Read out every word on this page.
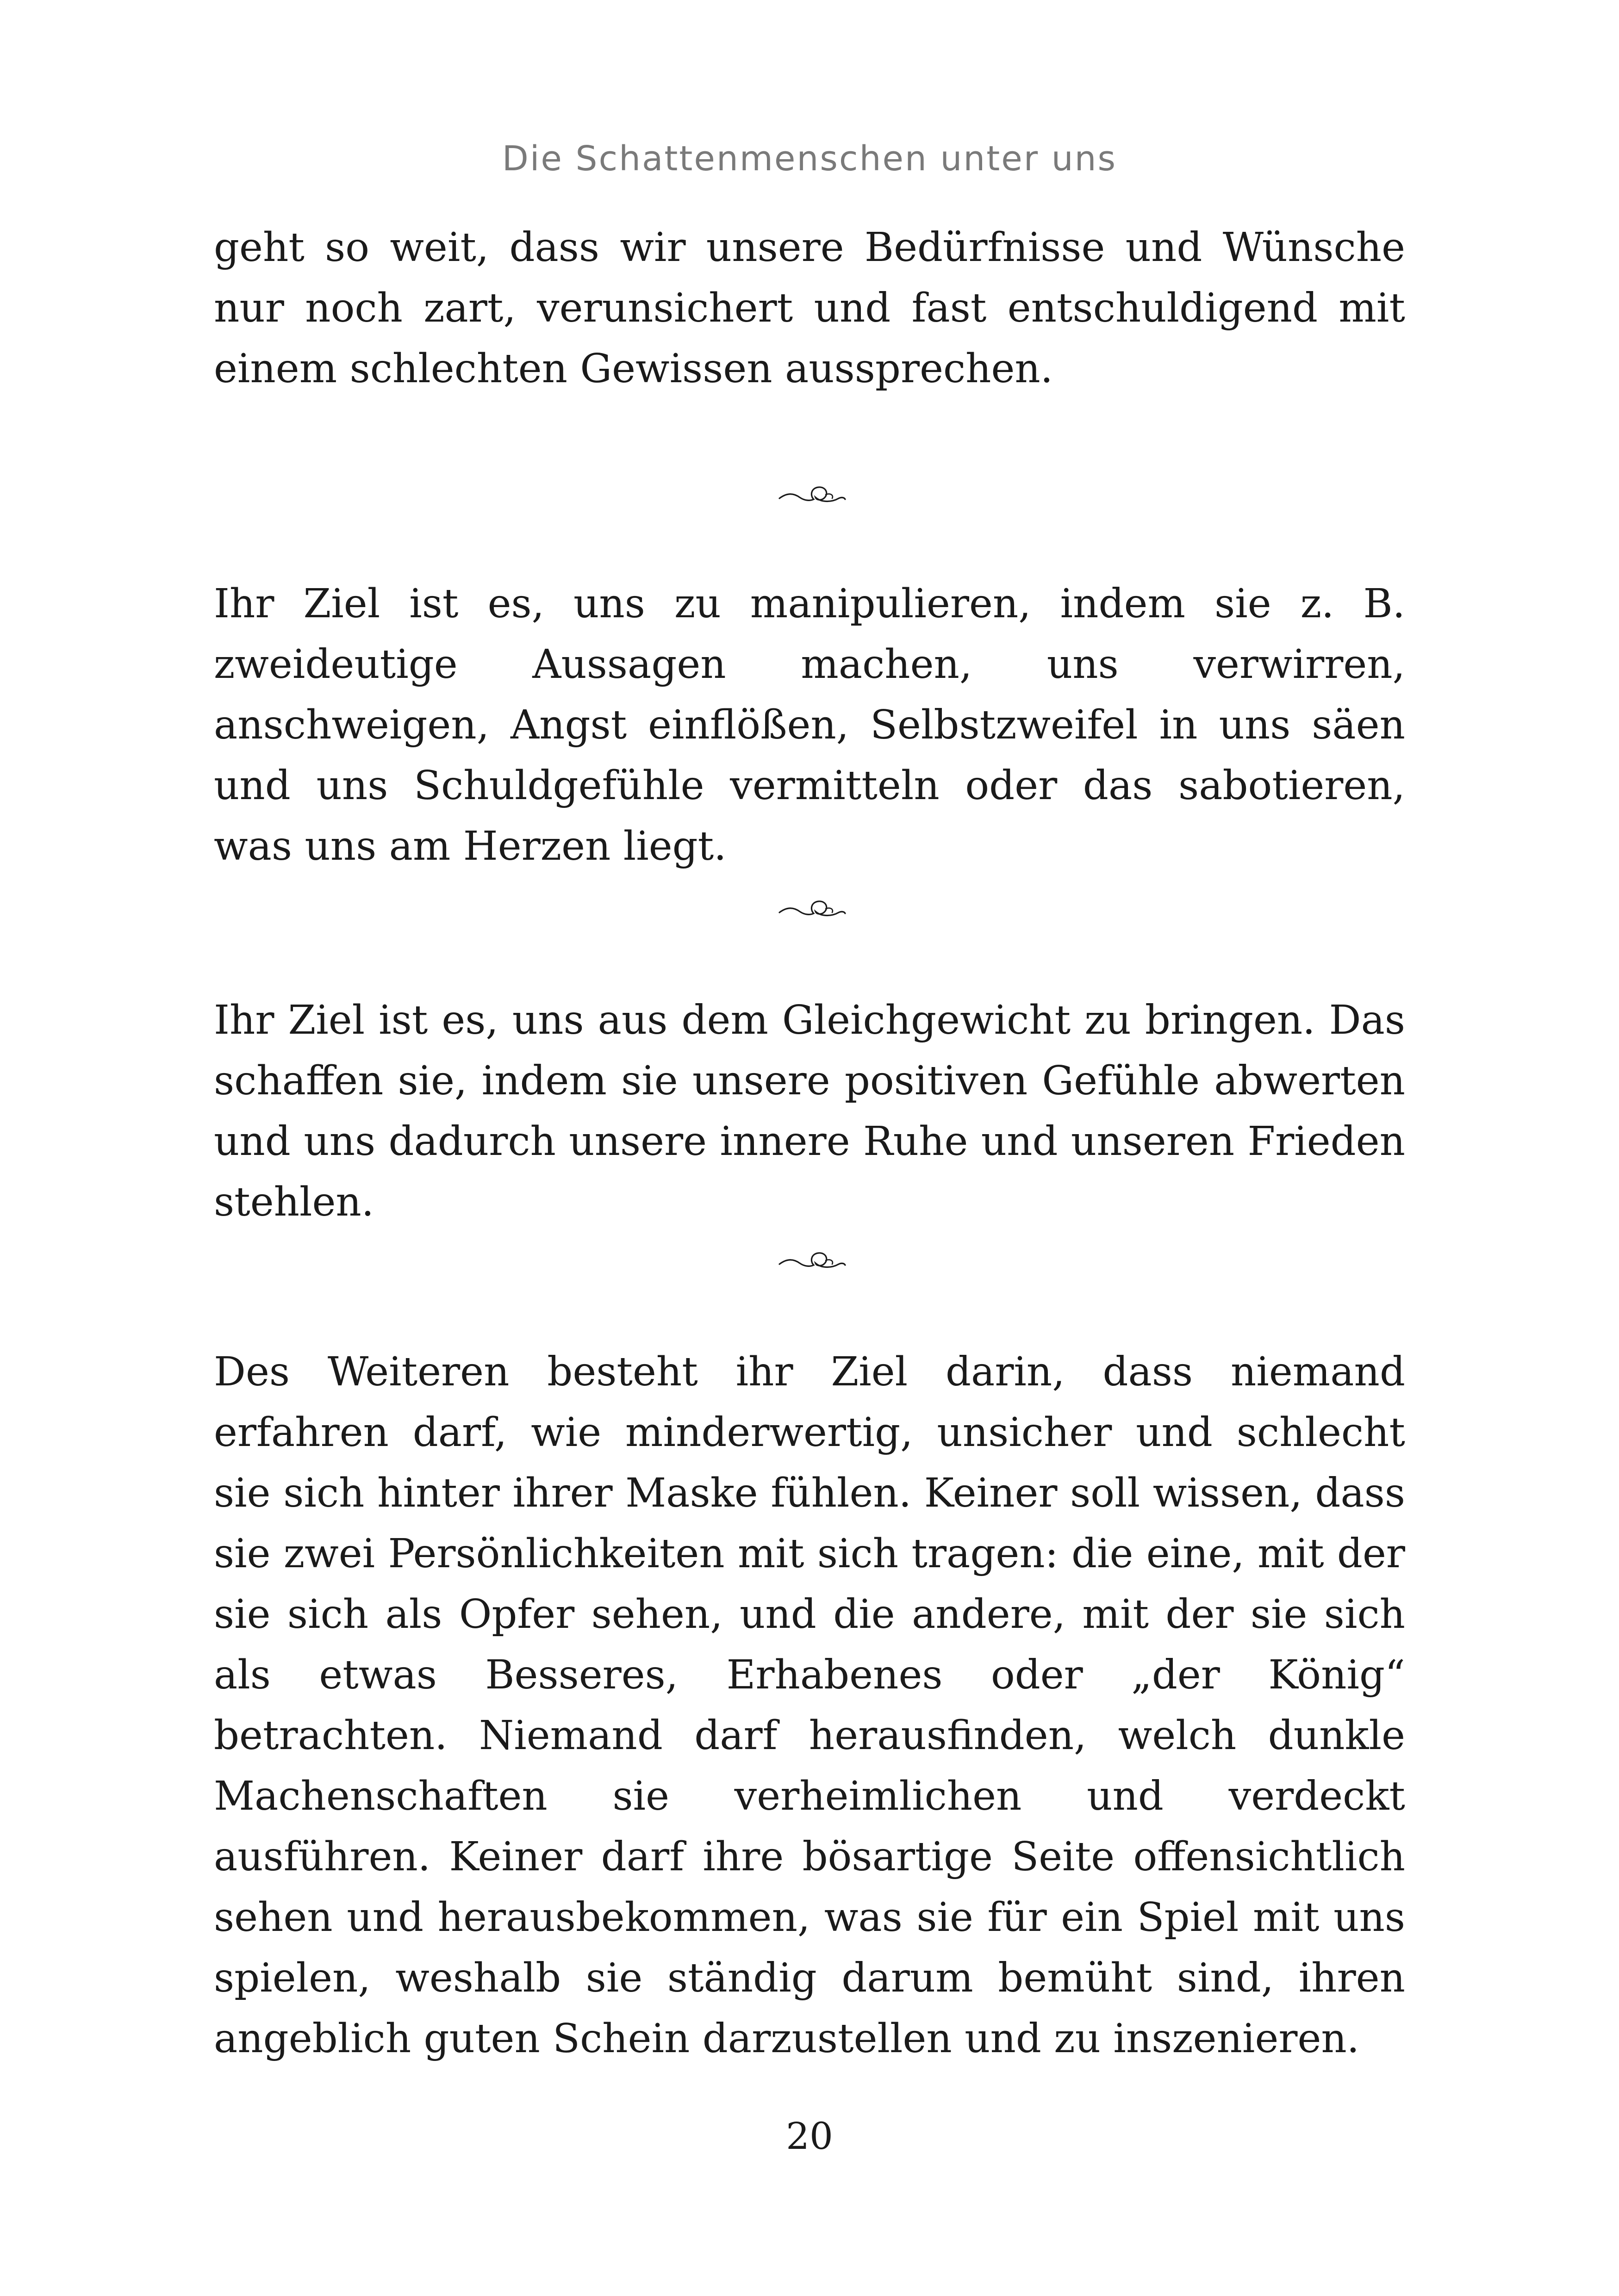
Die Schattenmenschen unter uns

geht so weit, dass wir unsere Bedürfnisse und Wünsche nur noch zart, verunsichert und fast entschuldigend mit einem schlechten Gewissen aussprechen.

Ihr Ziel ist es, uns zu manipulieren, indem sie z. B. zweideutige Aussagen machen, uns verwirren, anschweigen, Angst einflößen, Selbstzweifel in uns säen und uns Schuldgefühle vermitteln oder das sabotieren, was uns am Herzen liegt.

Ihr Ziel ist es, uns aus dem Gleichgewicht zu bringen. Das schaffen sie, indem sie unsere positiven Gefühle abwerten und uns dadurch unsere innere Ruhe und unseren Frieden stehlen.

Des Weiteren besteht ihr Ziel darin, dass niemand erfahren darf, wie minderwertig, unsicher und schlecht sie sich hinter ihrer Maske fühlen. Keiner soll wissen, dass sie zwei Persönlichkeiten mit sich tragen: die eine, mit der sie sich als Opfer sehen, und die andere, mit der sie sich als etwas Besseres, Erhabenes oder „der König“ betrachten. Niemand darf herausfinden, welch dunkle Machenschaften sie verheimlichen und verdeckt ausführen. Keiner darf ihre bösartige Seite offensichtlich sehen und herausbekommen, was sie für ein Spiel mit uns spielen, weshalb sie ständig darum bemüht sind, ihren angeblich guten Schein darzustellen und zu inszenieren.

20
